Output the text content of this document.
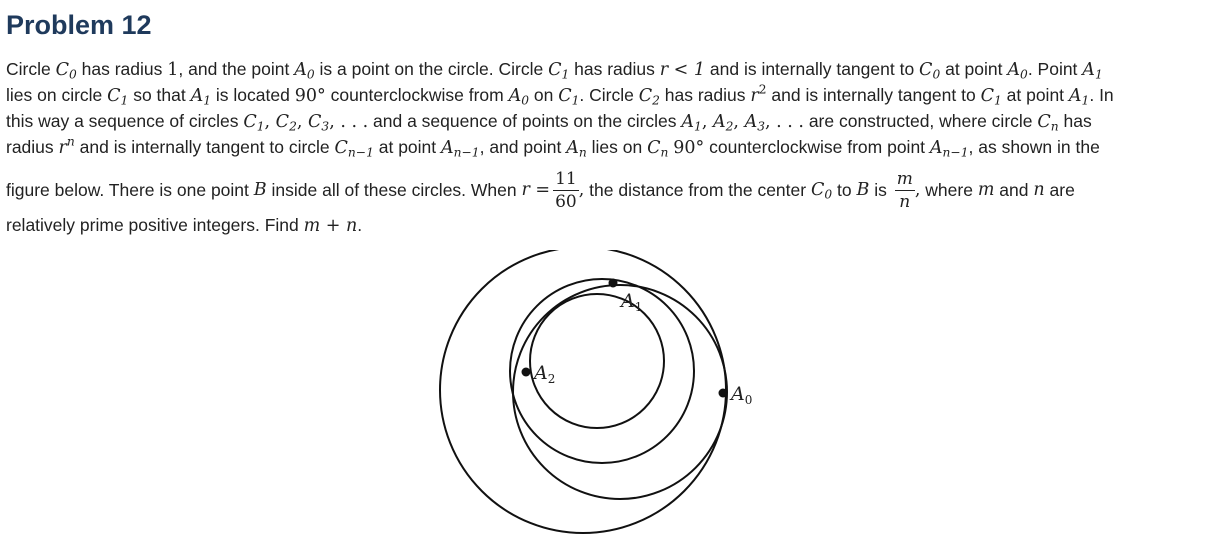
Problem 12
Circle $C_0$ has radius 1, and the point $A_0$ is a point on the circle. Circle $C_1$ has radius r < 1 and is internally tangent to $C_0$ at point $A_0$. Point $A_1$
lies on circle $C_1$ so that $A_1$ is located 90° counterclockwise from $A_0$ on $C_1$. Circle $C_2$ has radius $r^2$ and is internally tangent to $C_1$ at point $A_1$. In
this way a sequence of circles $C_1$, $C_2$, $C_3$, . . . and a sequence of points on the circles $A_1$, $A_2$, $A_3$, . . . are constructed, where circle $C_n$ has
radius $r^n$ and is internally tangent to circle $C_{n-1}$ at point $A_{n-1}$, and point $A_n$ lies on $C_n$ 90° counterclockwise from point $A_{n-1}$, as shown in the
figure below. There is one point B inside all of these circles. When $r = \frac{11}{60}$ , the distance from the center $C_0$ to B is $\frac{m}{n}$ , where m and n are
relatively prime positive integers. Find m + n.
$A_0$
$A_1$
$A_2$
